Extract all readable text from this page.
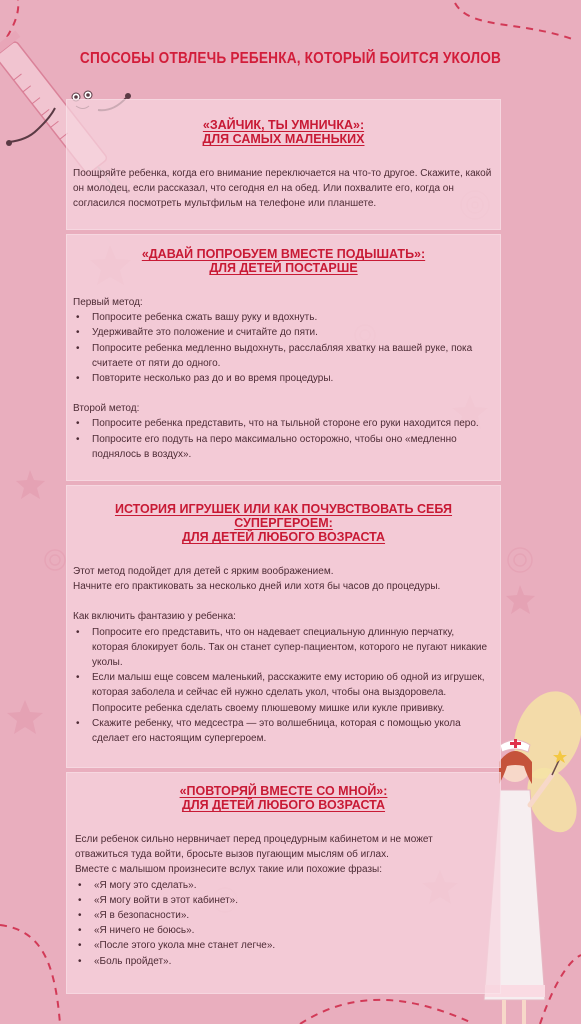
СПОСОБЫ ОТВЛЕЧЬ РЕБЕНКА, КОТОРЫЙ БОИТСЯ УКОЛОВ
«ЗАЙЧИК, ТЫ УМНИЧКА»:
ДЛЯ САМЫХ МАЛЕНЬКИХ

Поощряйте ребенка, когда его внимание переключается на что-то другое. Скажите, какой он молодец, если рассказал, что сегодня ел на обед. Или похвалите его, когда он согласился посмотреть мультфильм на телефоне или планшете.

«ДАВАЙ ПОПРОБУЕМ ВМЕСТЕ ПОДЫШАТЬ»:
ДЛЯ ДЕТЕЙ ПОСТАРШЕ

Первый метод:

• Попросите ребенка сжать вашу руку и вдохнуть.
• Удерживайте это положение и считайте до пяти.
• Попросите ребенка медленно выдохнуть, расслабляя хватку на вашей руке, пока считаете от пяти до одного.
• Повторите несколько раз до и во время процедуры.

Второй метод:

• Попросите ребенка представить, что на тыльной стороне его руки находится перо.
• Попросите его подуть на перо максимально осторожно, чтобы оно «медленно поднялось в воздух».
ИСТОРИЯ ИГРУШЕК ИЛИ КАК ПОЧУВСТВОВАТЬ СЕБЯ СУПЕРГЕРОЕМ:
ДЛЯ ДЕТЕЙ ЛЮБОГО ВОЗРАСТА

Этот метод подойдет для детей с ярким воображением.

Начните его практиковать за несколько дней или хотя бы часов до процедуры.

Как включить фантазию у ребенка:

• Попросите его представить, что он надевает специальную длинную перчатку, которая блокирует боль. Так он станет супер-пациентом, которого не пугают никакие уколы.
• Если малыш еще совсем маленький, расскажите ему историю об одной из игрушек, которая заболела и сейчас ей нужно сделать укол, чтобы она выздоровела. Попросите ребенка сделать своему плюшевому мишке или кукле прививку.
• Скажите ребенку, что медсестра — это волшебница, которая с помощью укола сделает его настоящим супергероем.
«ПОВТОРЯЙ ВМЕСТЕ СО МНОЙ»:
ДЛЯ ДЕТЕЙ ЛЮБОГО ВОЗРАСТА

Если ребенок сильно нервничает перед процедурным кабинетом и не может отважиться туда войти, бросьте вызов пугающим мыслям об иглах.

Вместе с малышом произнесите вслух такие или похожие фразы:

• «Я могу это сделать».
• «Я могу войти в этот кабинет».
• «Я в безопасности».
• «Я ничего не боюсь».
• «После этого укола мне станет легче».
• «Боль пройдет».
